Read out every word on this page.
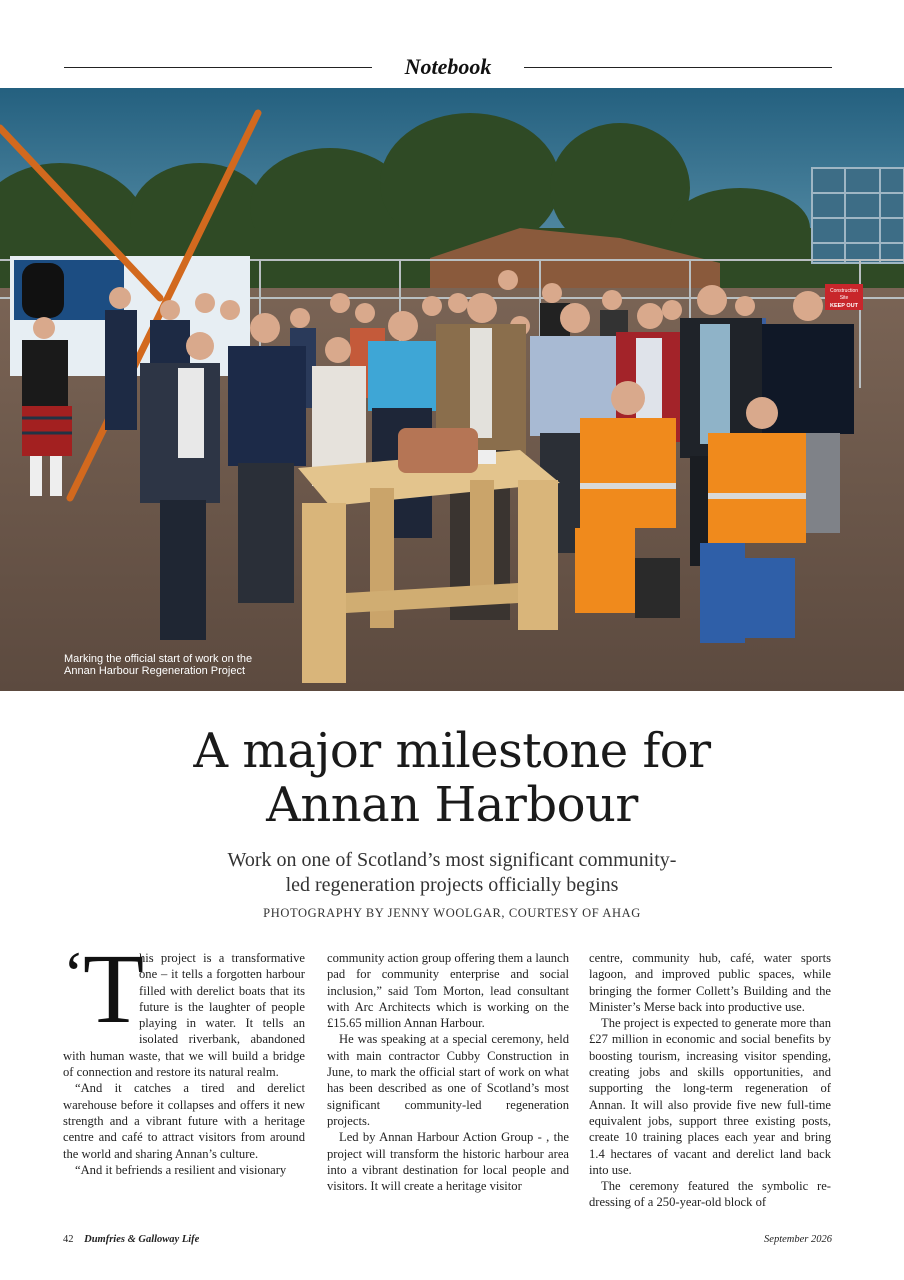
Notebook
Construction
Site
KEEP OUT
Marking the official start of work on the
Annan Harbour Regeneration Project
A major milestone for
Annan Harbour
Work on one of Scotland’s most significant community-
led regeneration projects officially begins
PHOTOGRAPHY BY JENNY WOOLGAR, COURTESY OF AHAG

‘
T
his project is a transformative one – it tells a forgotten harbour filled with derelict boats that its future is the laughter of people playing in water. It tells an isolated riverbank, abandoned with human waste, that we will build a bridge of connection and restore its natural realm.

“And it catches a tired and derelict warehouse before it collapses and offers it new strength and a vibrant future with a heritage centre and café to attract visitors from around the world and sharing Annan’s culture.

“And it befriends a resilient and visionary

community action group offering them a launch pad for community enterprise and social inclusion,” said Tom Morton, lead consultant with Arc Architects which is working on the £15.65 million Annan Harbour.

He was speaking at a special ceremony, held with main contractor Cubby Construction in June, to mark the official start of work on what has been described as one of Scotland’s most significant community-led regeneration projects.

Led by Annan Harbour Action Group - , the project will transform the historic harbour area into a vibrant destination for local people and visitors. It will create a heritage visitor

centre, community hub, café, water sports lagoon, and improved public spaces, while bringing the former Collett’s Building and the Minister’s Merse back into productive use.

The project is expected to generate more than £27 million in economic and social benefits by boosting tourism, increasing visitor spending, creating jobs and skills opportunities, and supporting the long-term regeneration of Annan. It will also provide five new full-time equivalent jobs, support three existing posts, create 10 training places each year and bring 1.4 hectares of vacant and derelict land back into use.

The ceremony featured the symbolic re-dressing of a 250-year-old block of

42 Dumfries & Galloway Life	September 2026
